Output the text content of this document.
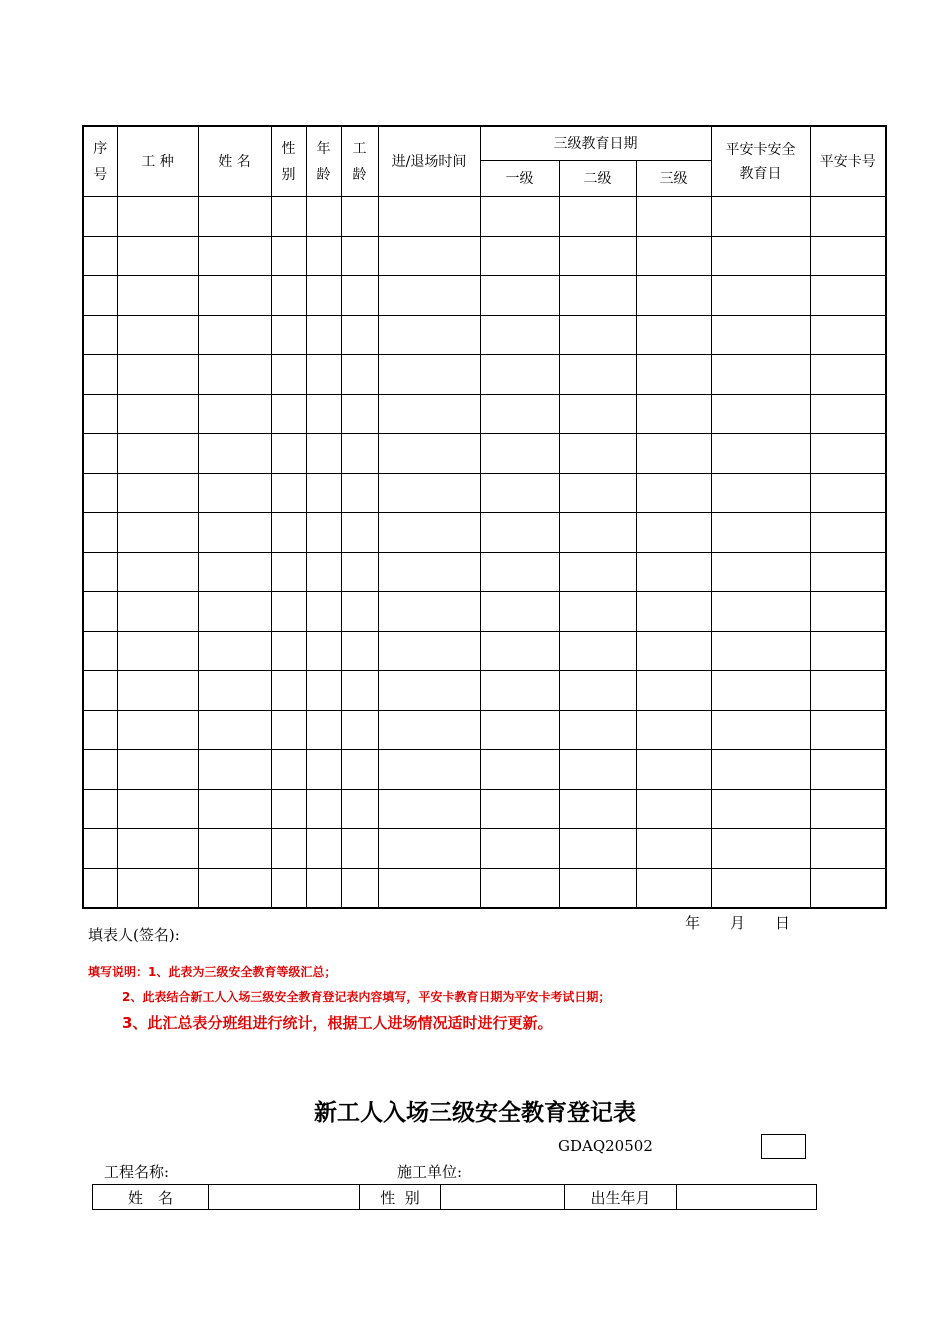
序号	工 种	姓 名	性别	年龄	工龄	进/退场时间	三级教育日期			平安卡安全教育日	平安卡号
							一级	二级	三级		

填表人(签名):
年　　月　　日
填写说明：1、此表为三级安全教育等级汇总；
2、此表结合新工人入场三级安全教育登记表内容填写，平安卡教育日期为平安卡考试日期；
3、此汇总表分班组进行统计，根据工人进场情况适时进行更新。
新工人入场三级安全教育登记表
GDAQ20502
工程名称:	施工单位:
姓　名		性  别		出生年月	
